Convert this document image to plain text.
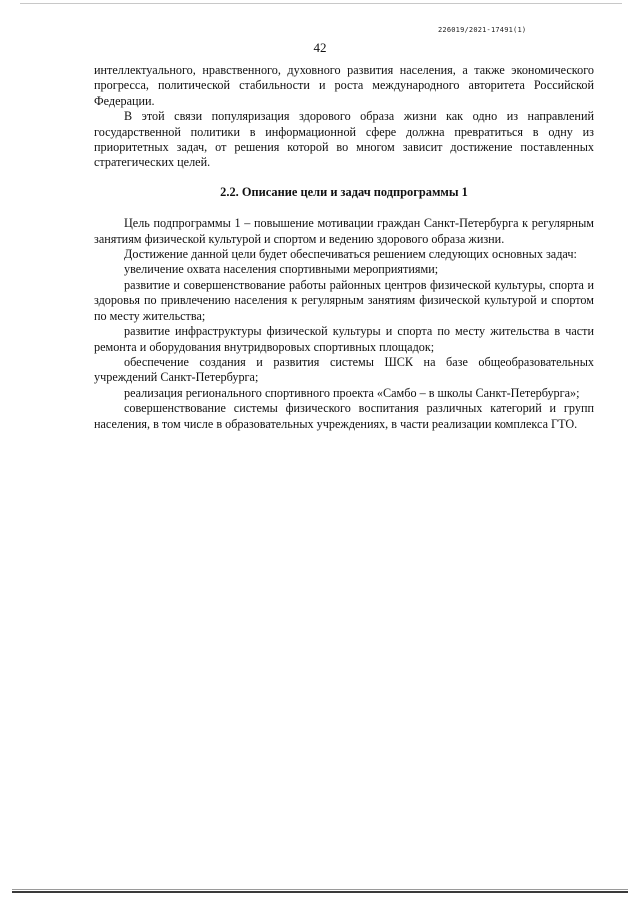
226019/2021-17491(1)
42

интеллектуального, нравственного, духовного развития населения, а также экономического прогресса, политической стабильности и роста международного авторитета Российской Федерации.

В этой связи популяризация здорового образа жизни как одно из направлений государственной политики в информационной сфере должна превратиться в одну из приоритетных задач, от решения которой во многом зависит достижение поставленных стратегических целей.

2.2. Описание цели и задач подпрограммы 1

Цель подпрограммы 1 – повышение мотивации граждан Санкт-Петербурга к регулярным занятиям физической культурой и спортом и ведению здорового образа жизни.

Достижение данной цели будет обеспечиваться решением следующих основных задач:

увеличение охвата населения спортивными мероприятиями;

развитие и совершенствование работы районных центров физической культуры, спорта и здоровья по привлечению населения к регулярным занятиям физической культурой и спортом по месту жительства;

развитие инфраструктуры физической культуры и спорта по месту жительства в части ремонта и оборудования внутридворовых спортивных площадок;

обеспечение создания и развития системы ШСК на базе общеобразовательных учреждений Санкт-Петербурга;

реализация регионального спортивного проекта «Самбо – в школы Санкт-Петербурга»;

совершенствование системы физического воспитания различных категорий и групп населения, в том числе в образовательных учреждениях, в части реализации комплекса ГТО.
